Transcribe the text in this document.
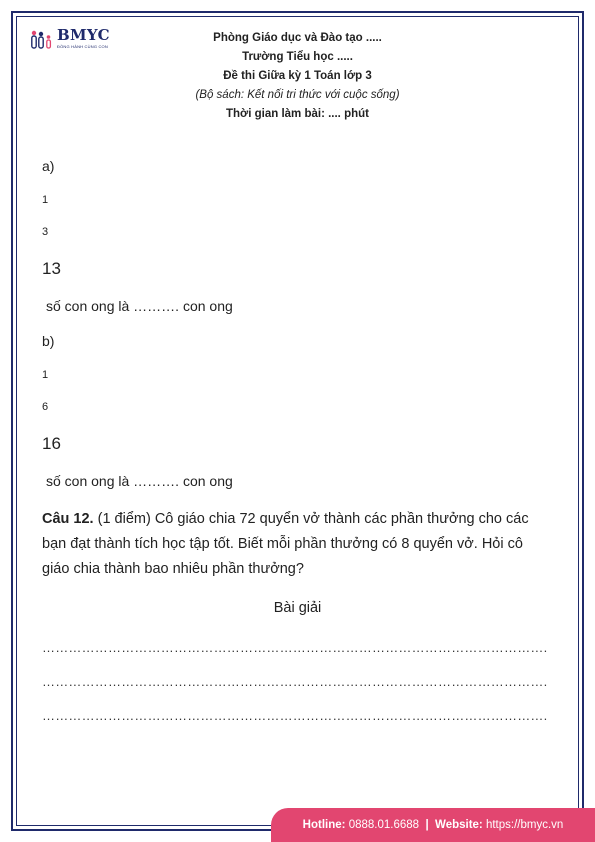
BMYC
ĐỒNG HÀNH CÙNG CON
Phòng Giáo dục và Đào tạo .....
Trường Tiểu học .....
Đề thi Giữa kỳ 1 Toán lớp 3
(Bộ sách: Kết nối tri thức với cuộc sống)
Thời gian làm bài: .... phút
a)
1
3
13
số con ong là ………. con ong
b)
1
6
16
số con ong là ………. con ong
Câu 12. (1 điểm) Cô giáo chia 72 quyển vở thành các phần thưởng cho các bạn đạt thành tích học tập tốt. Biết mỗi phần thưởng có 8 quyển vở. Hỏi cô giáo chia thành bao nhiêu phần thưởng?
Bài giải
…………………………………………………………………………………………………….
…………………………………………………………………………………………………….
…………………………………………………………………………………………………….
Hotline: 0888.01.6688 | Website: https://bmyc.vn
